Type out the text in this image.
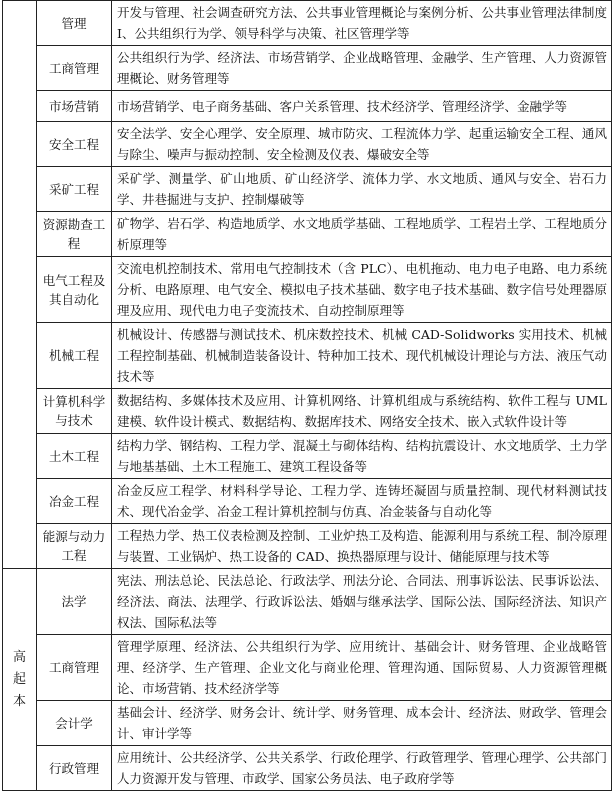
	管理	开发与管理、社会调查研究方法、公共事业管理概论与案例分析、公共事业管理法律制度Ⅰ、公共组织行为学、领导科学与决策、社区管理学等
	工商管理	公共组织行为学、经济法、市场营销学、企业战略管理、金融学、生产管理、人力资源管理概论、财务管理等
	市场营销	市场营销学、电子商务基础、客户关系管理、技术经济学、管理经济学、金融学等
	安全工程	安全法学、安全心理学、安全原理、城市防灾、工程流体力学、起重运输安全工程、通风与除尘、噪声与振动控制、安全检测及仪表、爆破安全等
	采矿工程	采矿学、测量学、矿山地质、矿山经济学、流体力学、水文地质、通风与安全、岩石力学、井巷掘进与支护、控制爆破等
	资源勘查工程	矿物学、岩石学、构造地质学、水文地质学基础、工程地质学、工程岩土学、工程地质分析原理等
	电气工程及其自动化	交流电机控制技术、常用电气控制技术（含 PLC）、电机拖动、电力电子电路、电力系统分析、电路原理、电气安全、模拟电子技术基础、数字电子技术基础、数字信号处理器原理及应用、现代电力电子变流技术、自动控制原理等
	机械工程	机械设计、传感器与测试技术、机床数控技术、机械 CAD-Solidworks 实用技术、机械工程控制基础、机械制造装备设计、特种加工技术、现代机械设计理论与方法、液压气动技术等
	计算机科学与技术	数据结构、多媒体技术及应用、计算机网络、计算机组成与系统结构、软件工程与 UML 建模、软件设计模式、数据结构、数据库技术、网络安全技术、嵌入式软件设计等
	土木工程	结构力学、钢结构、工程力学、混凝土与砌体结构、结构抗震设计、水文地质学、土力学与地基基础、土木工程施工、建筑工程设备等
	冶金工程	冶金反应工程学、材料科学导论、工程力学、连铸坯凝固与质量控制、现代材料测试技术、现代冶金学、冶金工程计算机控制与仿真、冶金装备与自动化等
	能源与动力工程	工程热力学、热工仪表检测及控制、工业炉热工及构造、能源利用与系统工程、制冷原理与装置、工业锅炉、热工设备的 CAD、换热器原理与设计、储能原理与技术等

高起本	法学	宪法、刑法总论、民法总论、行政法学、刑法分论、合同法、刑事诉讼法、民事诉讼法、经济法、商法、法理学、行政诉讼法、婚姻与继承法学、国际公法、国际经济法、知识产权法、国际私法等
	工商管理	管理学原理、经济法、公共组织行为学、应用统计、基础会计、财务管理、企业战略管理、经济学、生产管理、企业文化与商业伦理、管理沟通、国际贸易、人力资源管理概论、市场营销、技术经济学等
	会计学	基础会计、经济学、财务会计、统计学、财务管理、成本会计、经济法、财政学、管理会计、审计学等
	行政管理	应用统计、公共经济学、公共关系学、行政伦理学、行政管理学、管理心理学、公共部门人力资源开发与管理、市政学、国家公务员法、电子政府学等
